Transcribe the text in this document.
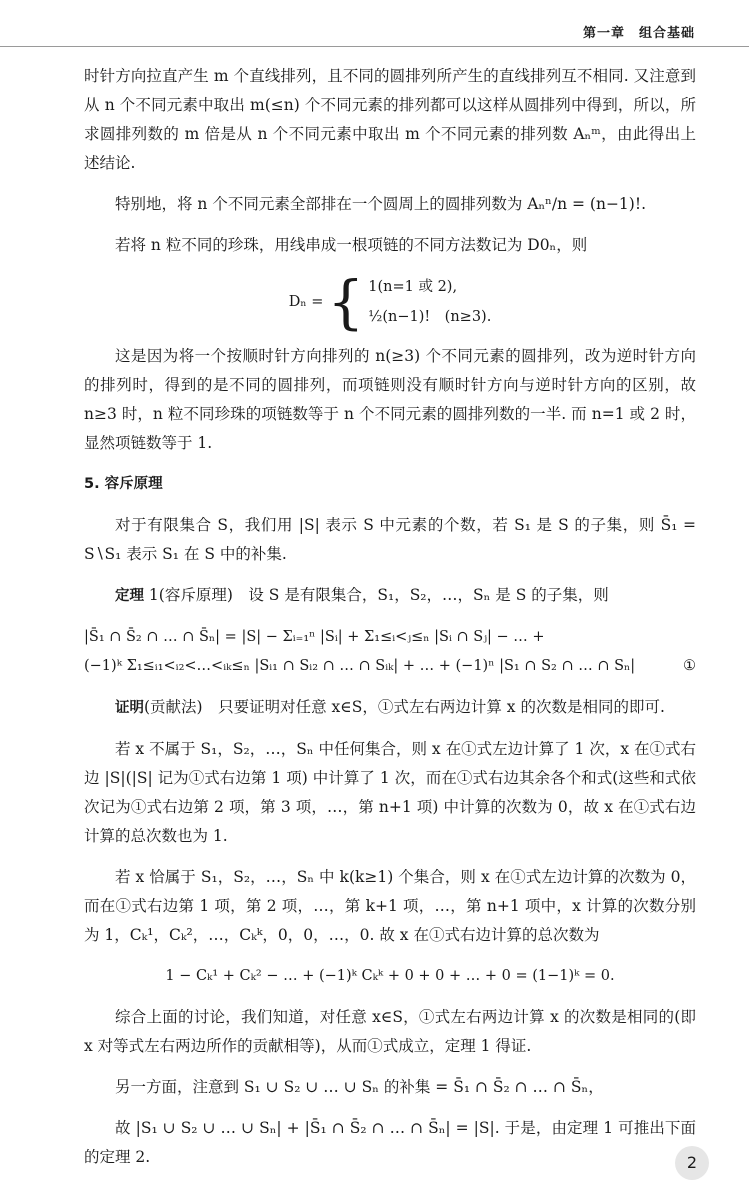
第一章　组合基础

时针方向拉直产生 m 个直线排列，且不同的圆排列所产生的直线排列互不相同. 又注意到从 n 个不同元素中取出 m(≤n) 个不同元素的排列都可以这样从圆排列中得到，所以，所求圆排列数的 m 倍是从 n 个不同元素中取出 m 个不同元素的排列数 Aₙᵐ，由此得出上述结论.

特别地，将 n 个不同元素全部排在一个圆周上的圆排列数为 Aₙⁿ/n = (n−1)!.

若将 n 粒不同的珍珠，用线串成一根项链的不同方法数记为 D0ₙ，则

Dₙ = { 1(n=1 或 2),
½(n−1)!　(n≥3).

这是因为将一个按顺时针方向排列的 n(≥3) 个不同元素的圆排列，改为逆时针方向的排列时，得到的是不同的圆排列，而项链则没有顺时针方向与逆时针方向的区别，故 n≥3 时，n 粒不同珍珠的项链数等于 n 个不同元素的圆排列数的一半. 而 n=1 或 2 时，显然项链数等于 1.

5. 容斥原理

对于有限集合 S，我们用 |S| 表示 S 中元素的个数，若 S₁ 是 S 的子集，则 S̄₁ = S∖S₁ 表示 S₁ 在 S 中的补集.

定理 1(容斥原理)　设 S 是有限集合，S₁，S₂，…，Sₙ 是 S 的子集，则

|S̄₁ ∩ S̄₂ ∩ … ∩ S̄ₙ| = |S| − Σᵢ₌₁ⁿ |Sᵢ| + Σ₁≤ᵢ<ⱼ≤ₙ |Sᵢ ∩ Sⱼ| − … +
①
(−1)ᵏ Σ₁≤ᵢ₁<ᵢ₂<…<ᵢₖ≤ₙ |Sᵢ₁ ∩ Sᵢ₂ ∩ … ∩ Sᵢₖ| + … + (−1)ⁿ |S₁ ∩ S₂ ∩ … ∩ Sₙ|

证明(贡献法)　只要证明对任意 x∈S，①式左右两边计算 x 的次数是相同的即可.

若 x 不属于 S₁，S₂，…，Sₙ 中任何集合，则 x 在①式左边计算了 1 次，x 在①式右边 |S|(|S| 记为①式右边第 1 项) 中计算了 1 次，而在①式右边其余各个和式(这些和式依次记为①式右边第 2 项，第 3 项，…，第 n+1 项) 中计算的次数为 0，故 x 在①式右边计算的总次数也为 1.

若 x 恰属于 S₁，S₂，…，Sₙ 中 k(k≥1) 个集合，则 x 在①式左边计算的次数为 0，而在①式右边第 1 项，第 2 项，…，第 k+1 项，…，第 n+1 项中，x 计算的次数分别为 1，Cₖ¹，Cₖ²，…，Cₖᵏ，0，0，…，0. 故 x 在①式右边计算的总次数为

1 − Cₖ¹ + Cₖ² − … + (−1)ᵏ Cₖᵏ + 0 + 0 + … + 0 = (1−1)ᵏ = 0.

综合上面的讨论，我们知道，对任意 x∈S，①式左右两边计算 x 的次数是相同的(即 x 对等式左右两边所作的贡献相等)，从而①式成立，定理 1 得证.

另一方面，注意到 S₁ ∪ S₂ ∪ … ∪ Sₙ 的补集 = S̄₁ ∩ S̄₂ ∩ … ∩ S̄ₙ，

故 |S₁ ∪ S₂ ∪ … ∪ Sₙ| + |S̄₁ ∩ S̄₂ ∩ … ∩ S̄ₙ| = |S|. 于是，由定理 1 可推出下面的定理 2.	2
